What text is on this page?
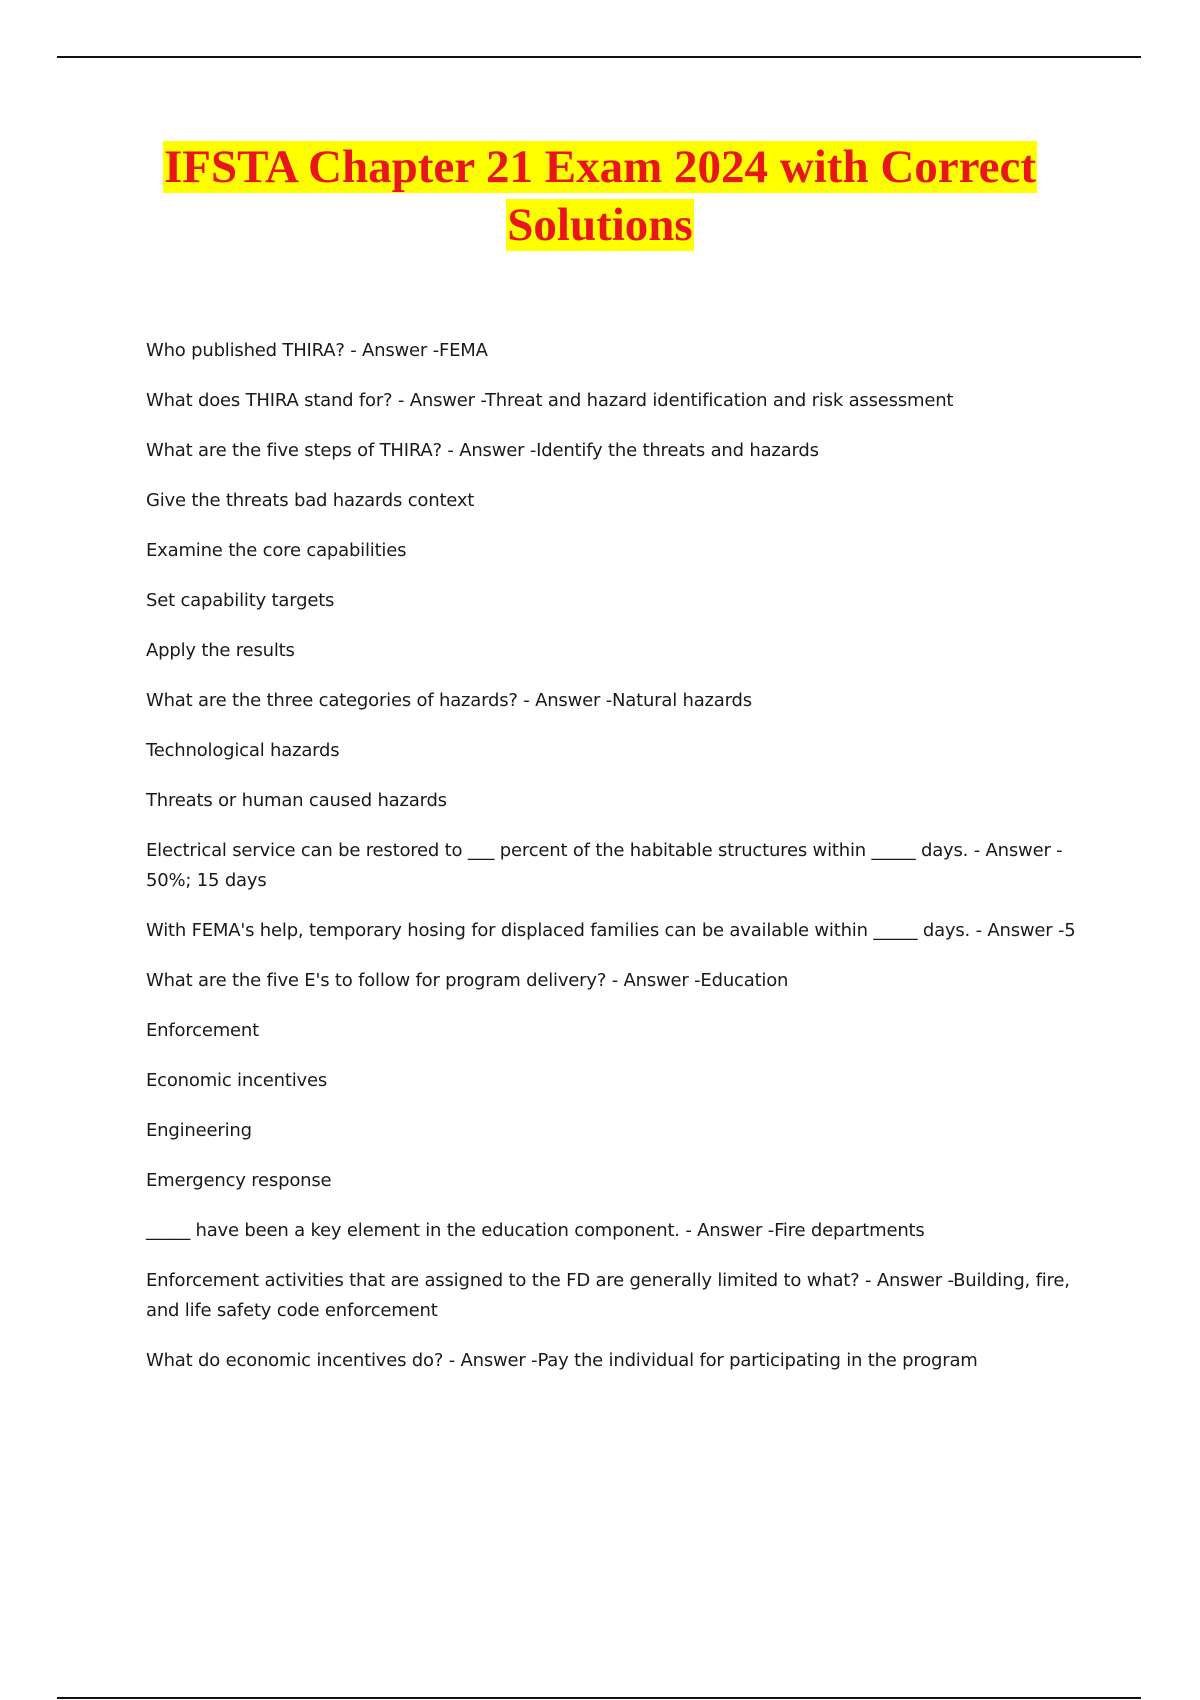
IFSTA Chapter 21 Exam 2024 with Correct
Solutions

Who published THIRA? - Answer -FEMA

What does THIRA stand for? - Answer -Threat and hazard identification and risk assessment

What are the five steps of THIRA? - Answer -Identify the threats and hazards

Give the threats bad hazards context

Examine the core capabilities

Set capability targets

Apply the results

What are the three categories of hazards? - Answer -Natural hazards

Technological hazards

Threats or human caused hazards

Electrical service can be restored to ___ percent of the habitable structures within _____ days. - Answer - 50%; 15 days

With FEMA's help, temporary hosing for displaced families can be available within _____ days. - Answer -5

What are the five E's to follow for program delivery? - Answer -Education

Enforcement

Economic incentives

Engineering

Emergency response

_____ have been a key element in the education component. - Answer -Fire departments

Enforcement activities that are assigned to the FD are generally limited to what? - Answer -Building, fire, and life safety code enforcement

What do economic incentives do? - Answer -Pay the individual for participating in the program
